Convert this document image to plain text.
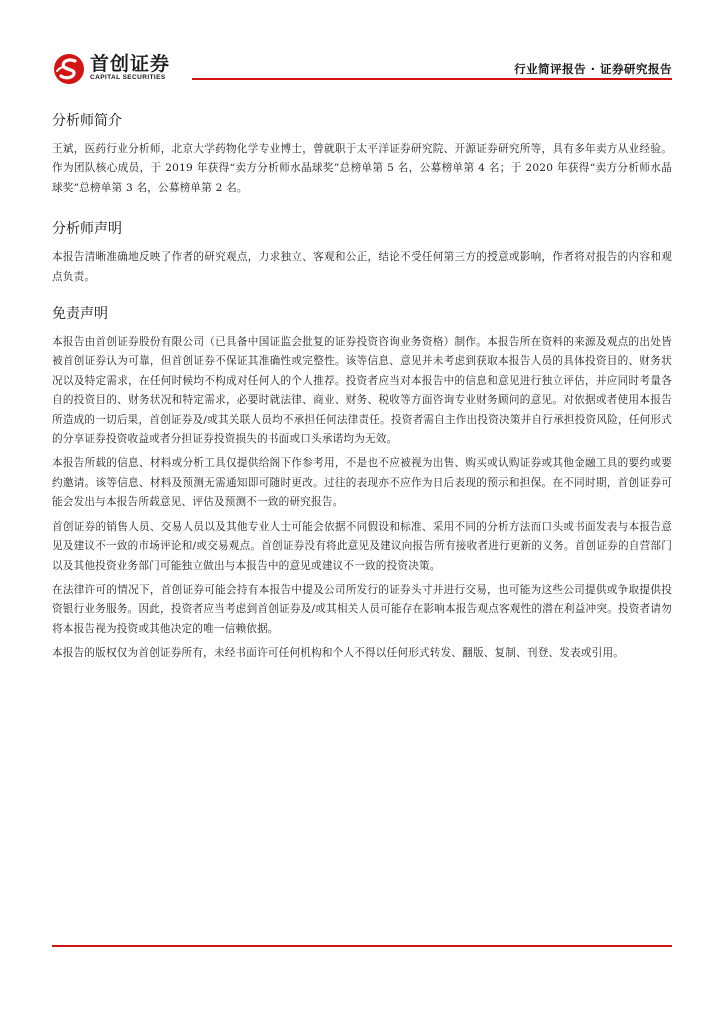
首创证券
CAPITAL SECURITIES
行业简评报告 · 证券研究报告
分析师简介

王斌，医药行业分析师，北京大学药物化学专业博士，曾就职于太平洋证券研究院、开源证券研究所等，具有多年卖方从业经验。作为团队核心成员，于 2019 年获得“卖方分析师水晶球奖”总榜单第 5 名，公募榜单第 4 名；于 2020 年获得“卖方分析师水晶球奖”总榜单第 3 名，公募榜单第 2 名。

分析师声明

本报告清晰准确地反映了作者的研究观点，力求独立、客观和公正，结论不受任何第三方的授意或影响，作者将对报告的内容和观点负责。

免责声明

本报告由首创证券股份有限公司（已具备中国证监会批复的证券投资咨询业务资格）制作。本报告所在资料的来源及观点的出处皆被首创证券认为可靠，但首创证券不保证其准确性或完整性。该等信息、意见并未考虑到获取本报告人员的具体投资目的、财务状况以及特定需求，在任何时候均不构成对任何人的个人推荐。投资者应当对本报告中的信息和意见进行独立评估，并应同时考量各自的投资目的、财务状况和特定需求，必要时就法律、商业、财务、税收等方面咨询专业财务顾问的意见。对依据或者使用本报告所造成的一切后果，首创证券及/或其关联人员均不承担任何法律责任。投资者需自主作出投资决策并自行承担投资风险，任何形式的分享证券投资收益或者分担证券投资损失的书面或口头承诺均为无效。

本报告所载的信息、材料或分析工具仅提供给阁下作参考用，不是也不应被视为出售、购买或认购证券或其他金融工具的要约或要约邀请。该等信息、材料及预测无需通知即可随时更改。过往的表现亦不应作为日后表现的预示和担保。在不同时期，首创证券可能会发出与本报告所载意见、评估及预测不一致的研究报告。

首创证券的销售人员、交易人员以及其他专业人士可能会依据不同假设和标准、采用不同的分析方法而口头或书面发表与本报告意见及建议不一致的市场评论和/或交易观点。首创证券没有将此意见及建议向报告所有接收者进行更新的义务。首创证券的自营部门以及其他投资业务部门可能独立做出与本报告中的意见或建议不一致的投资决策。

在法律许可的情况下，首创证券可能会持有本报告中提及公司所发行的证券头寸并进行交易，也可能为这些公司提供或争取提供投资银行业务服务。因此，投资者应当考虑到首创证券及/或其相关人员可能存在影响本报告观点客观性的潜在利益冲突。投资者请勿将本报告视为投资或其他决定的唯一信赖依据。

本报告的版权仅为首创证券所有，未经书面许可任何机构和个人不得以任何形式转发、翻版、复制、刊登、发表或引用。
